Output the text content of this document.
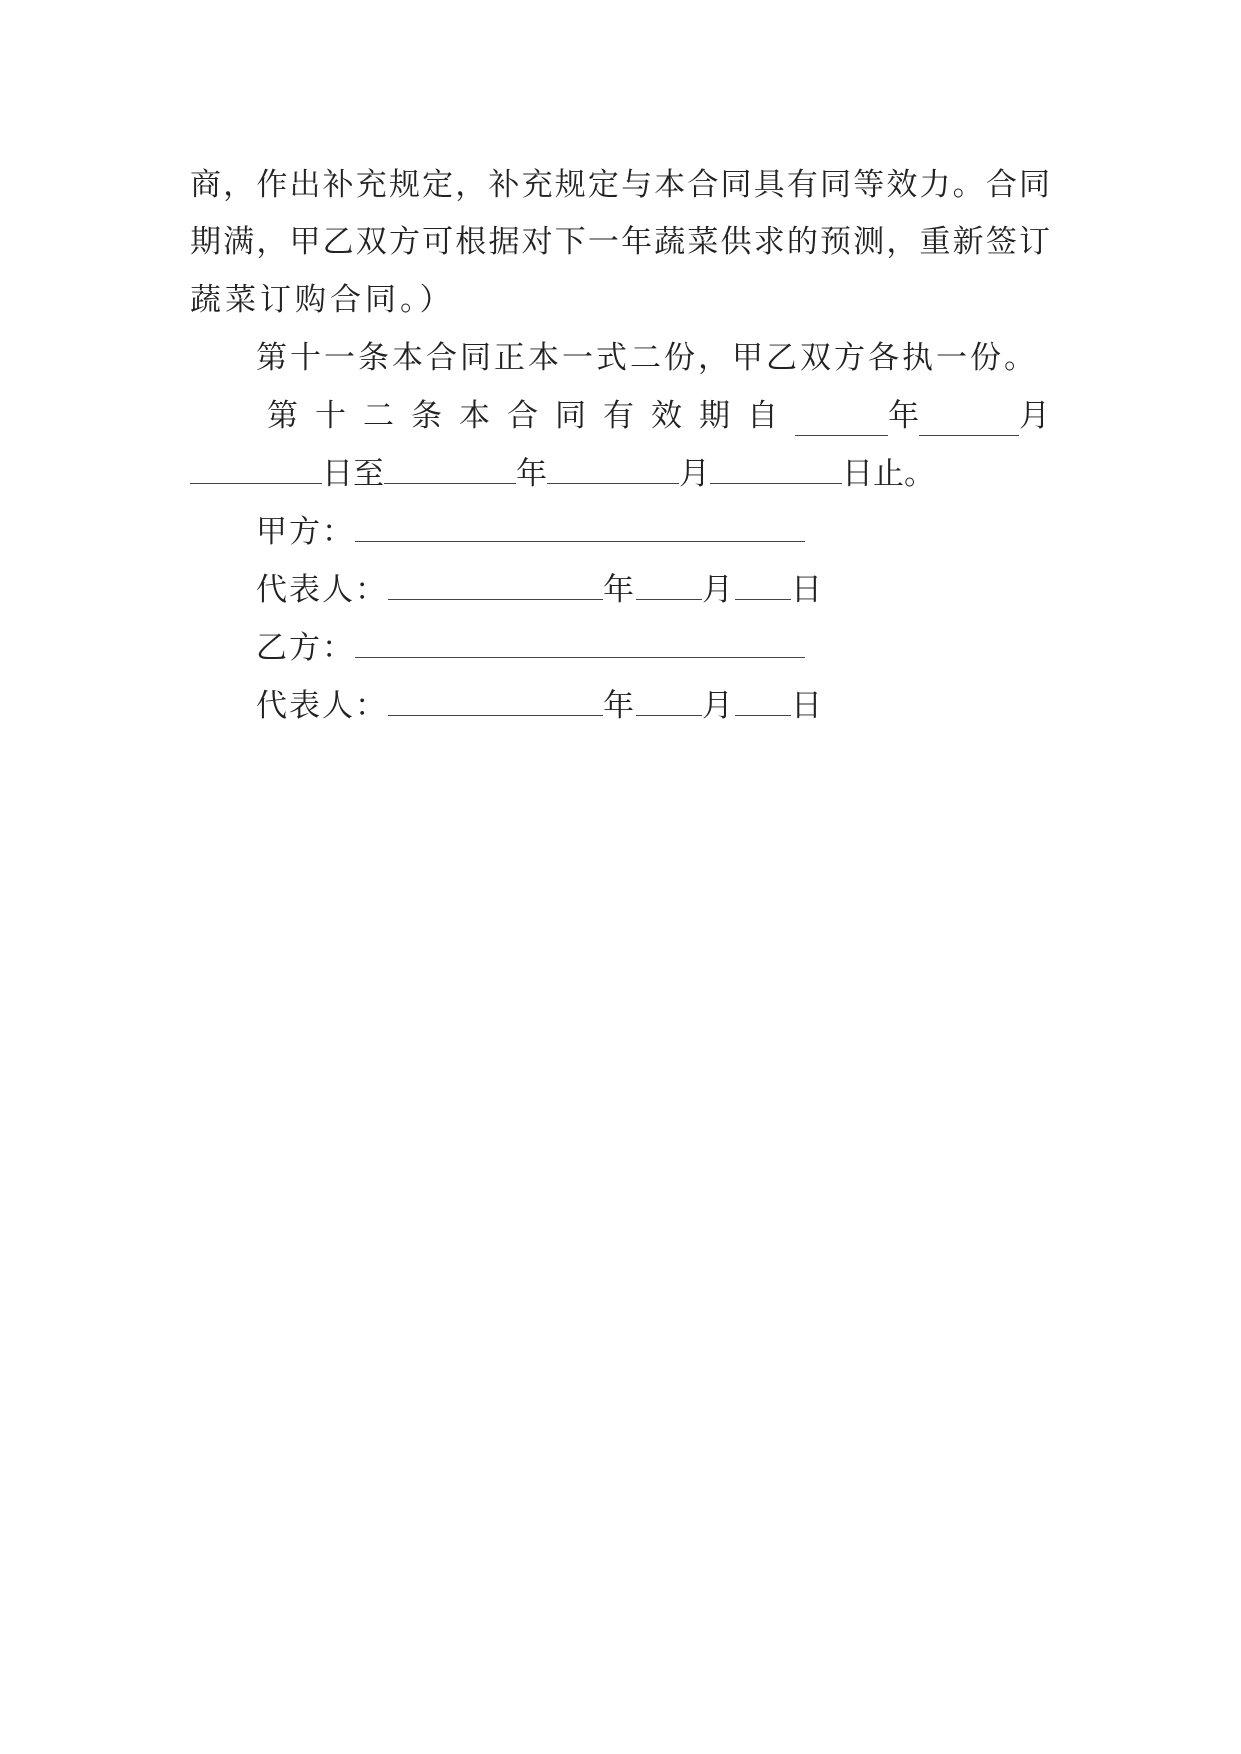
商，作出补充规定，补充规定与本合同具有同等效力。合同
期满，甲乙双方可根据对下一年蔬菜供求的预测，重新签订
蔬菜订购合同。）
第十一条本合同正本一式二份，甲乙双方各执一份。
第十二条本合同有效期自	年	月
日至	年	月	日止。
甲方：
代表人：	年 月 日
乙方：
代表人：	年 月 日
